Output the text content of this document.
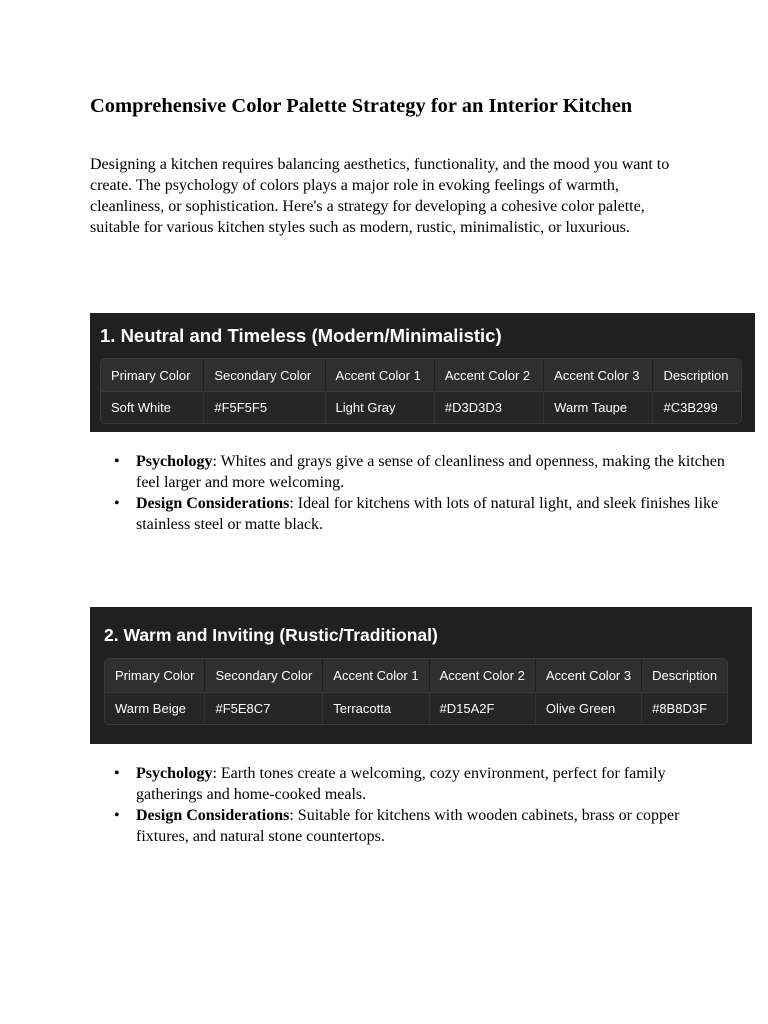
Comprehensive Color Palette Strategy for an Interior Kitchen

Designing a kitchen requires balancing aesthetics, functionality, and the mood you want to create. The psychology of colors plays a major role in evoking feelings of warmth, cleanliness, or sophistication. Here's a strategy for developing a cohesive color palette, suitable for various kitchen styles such as modern, rustic, minimalistic, or luxurious.

1. Neutral and Timeless (Modern/Minimalistic)
Primary Color	Secondary Color	Accent Color 1	Accent Color 2	Accent Color 3	Description
Soft White	#F5F5F5	Light Gray	#D3D3D3	Warm Taupe	#C3B299
• Psychology: Whites and grays give a sense of cleanliness and openness, making the kitchen feel larger and more welcoming.
• Design Considerations: Ideal for kitchens with lots of natural light, and sleek finishes like stainless steel or matte black.
2. Warm and Inviting (Rustic/Traditional)
Primary Color	Secondary Color	Accent Color 1	Accent Color 2	Accent Color 3	Description
Warm Beige	#F5E8C7	Terracotta	#D15A2F	Olive Green	#8B8D3F
• Psychology: Earth tones create a welcoming, cozy environment, perfect for family gatherings and home-cooked meals.
• Design Considerations: Suitable for kitchens with wooden cabinets, brass or copper fixtures, and natural stone countertops.
